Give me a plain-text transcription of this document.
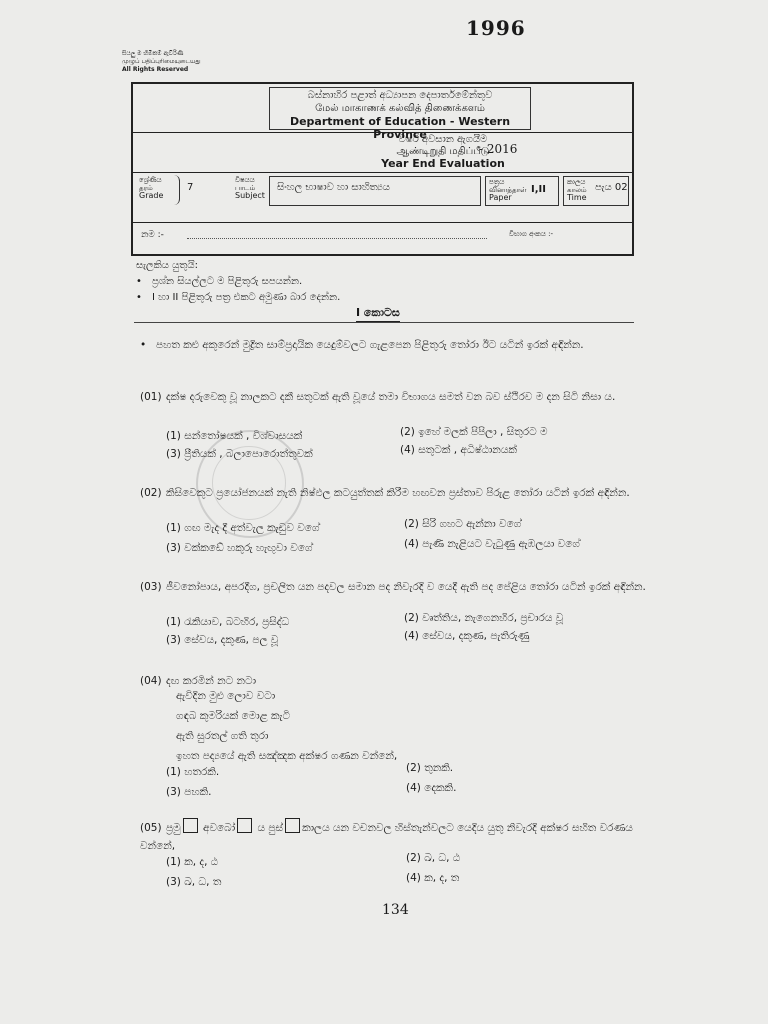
1996
සියලු ම හිමිකම් ඇවිරිණි
முழுப் பதிப்புரிமையுடையது
All Rights Reserved
බස්නාහිර පළාත් අධ්‍යාපන දෙපාර්තමේන්තුව
மேல் மாகாணக் கல்வித் திணைக்களம்
Department of Education - Western Province
වර්ෂ අවසාන ඇගයීම
ஆண்டிறுதி மதிப்பீடு
Year End Evaluation
- 2016
ශ්‍රේණිය
தரம்
Grade
7
විෂයය
பாடம்
Subject
සිංහල භාෂාව හා සාහිත්‍යය	පත්‍රය
வினாத்தாள்
Paper
I,II
කාලය
காலம்
Time
පැය 02
නම :-	විභාග අංකය :-
සැලකිය යුතුයි:
• ප්‍රශ්න සියල්ලට ම පිළිතුරු සපයන්න.
• I හා II පිළිතුරු පත්‍ර එකට අමුණා බාර දෙන්න.
I කොටස
• පහත කළු අකුරෙන් මුද්‍රිත සාම්ප්‍රදායික යෙදුම්වලට ගැළපෙන පිළිතුරු තෝරා ඊට යටින් ඉරක් අඳින්න.
(01) දක්ෂ දරුවෙකු වූ නාලකට දකී සතුටක් ඇති වූයේ තමා විභාගය සමත් වන බව ස්ථිරව ම දන සිටි නිසා ය.
(1) සන්තෝෂයක් , විශ්වාසයක්	(2) ඉහේ මලක් පිපිලා , සිතුරට ම
(3) ප්‍රීතියක් , බලාපොරොත්තුවක්	(4) සතුටක් , අධිෂ්ඨානයක්
(02) කිසිවෙකුට ප්‍රයෝජනයක් නැති නිෂ්ඵල කටයුත්තක් කිරීම හඟවන ප්‍රස්තාව පිරුළ තෝරා යටින් ඉරක් අඳින්න.
(1) ගඟ මැද දී අත්වැල කැඩුව වගේ	(2) සිරි ගහට ඇන්නා වගේ
(3) වක්කඩේ හකුරු හැඟුවා වගේ	(4) පැණි නැළියට වැටුණු ඇඹලයා වගේ
(03) ජීවනෝපාය, අපරදීග, ප්‍රචලිත යන පදවල සමාන පද නිවැරදි ව යෙදී ඇති පද පේළිය තෝරා යටින් ඉරක් අඳින්න.
(1) රැකියාව, බටහිර, ප්‍රසිද්ධ	(2) වෘත්තිය, නැගෙනහිර, ප්‍රචාරය වූ
(3) සේවය, දකුණ, පල වූ	(4) සේවය, දකුණ, පැතිරුණු
(04) දඟ කරමින් නට නටා
ඇවිදින මුළු ලොව වටා
ගඳබ කුමරියක් මොළ කැටි
ඇති සුරතල් ගති තුරා
ඉහත පද්‍යයේ ඇති සඤ්ඤක අක්ෂර ගණන වන්නේ,
(1) හතරකි.	(2) තුනකි.
(3) පහකි.	(4) දෙකකි.
(05) ප්‍රමු අවබෝ ය පුස් කාලය යන වචනවල හිස්තැන්වලට යෙදිය යුතු නිවැරදි අක්ෂර සහිත වරණය වන්නේ,
(1) ක, ද, ඨ	(2) ඛ, ධ, ඨ
(3) ඛ, ධ, ත	(4) ක, ද, ත
134
